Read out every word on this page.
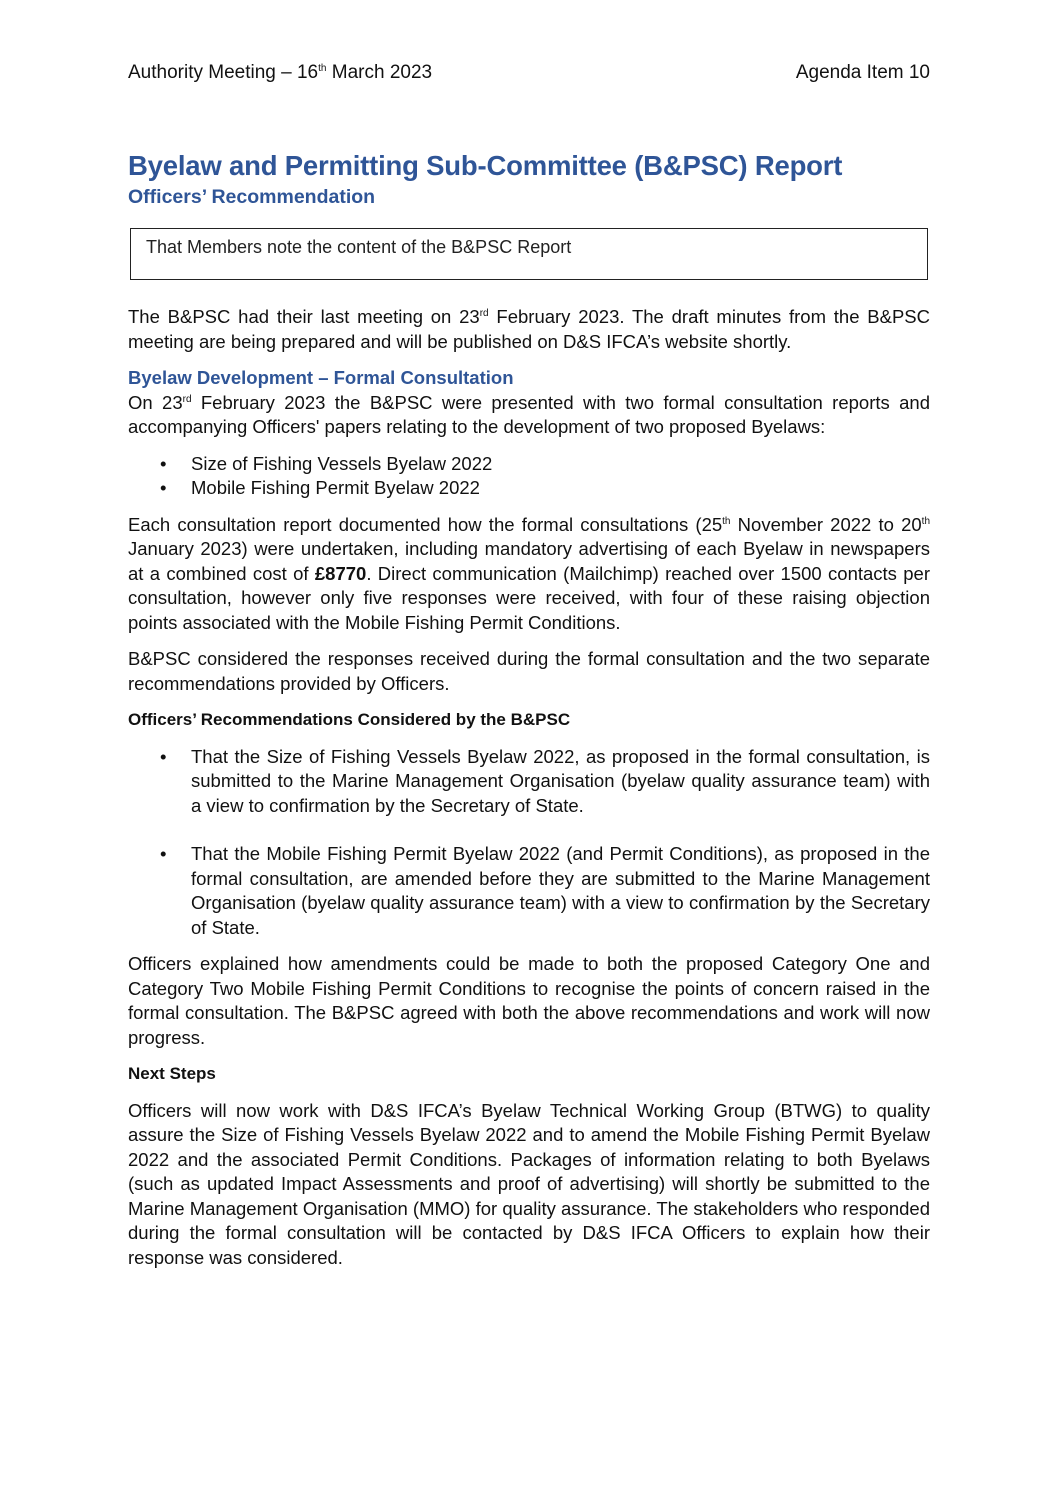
Authority Meeting – 16th March 2023	Agenda Item 10
Byelaw and Permitting Sub-Committee (B&PSC) Report
Officers’ Recommendation
That Members note the content of the B&PSC Report

The B&PSC had their last meeting on 23rd February 2023. The draft minutes from the B&PSC meeting are being prepared and will be published on D&S IFCA’s website shortly.

Byelaw Development – Formal Consultation

On 23rd February 2023 the B&PSC were presented with two formal consultation reports and accompanying Officers' papers relating to the development of two proposed Byelaws:

• Size of Fishing Vessels Byelaw 2022
• Mobile Fishing Permit Byelaw 2022

Each consultation report documented how the formal consultations (25th November 2022 to 20th January 2023) were undertaken, including mandatory advertising of each Byelaw in newspapers at a combined cost of £8770. Direct communication (Mailchimp) reached over 1500 contacts per consultation, however only five responses were received, with four of these raising objection points associated with the Mobile Fishing Permit Conditions.

B&PSC considered the responses received during the formal consultation and the two separate recommendations provided by Officers.

Officers’ Recommendations Considered by the B&PSC
• That the Size of Fishing Vessels Byelaw 2022, as proposed in the formal consultation, is submitted to the Marine Management Organisation (byelaw quality assurance team) with a view to confirmation by the Secretary of State.
• That the Mobile Fishing Permit Byelaw 2022 (and Permit Conditions), as proposed in the formal consultation, are amended before they are submitted to the Marine Management Organisation (byelaw quality assurance team) with a view to confirmation by the Secretary of State.

Officers explained how amendments could be made to both the proposed Category One and Category Two Mobile Fishing Permit Conditions to recognise the points of concern raised in the formal consultation. The B&PSC agreed with both the above recommendations and work will now progress.

Next Steps

Officers will now work with D&S IFCA’s Byelaw Technical Working Group (BTWG) to quality assure the Size of Fishing Vessels Byelaw 2022 and to amend the Mobile Fishing Permit Byelaw 2022 and the associated Permit Conditions. Packages of information relating to both Byelaws (such as updated Impact Assessments and proof of advertising) will shortly be submitted to the Marine Management Organisation (MMO) for quality assurance. The stakeholders who responded during the formal consultation will be contacted by D&S IFCA Officers to explain how their response was considered.
